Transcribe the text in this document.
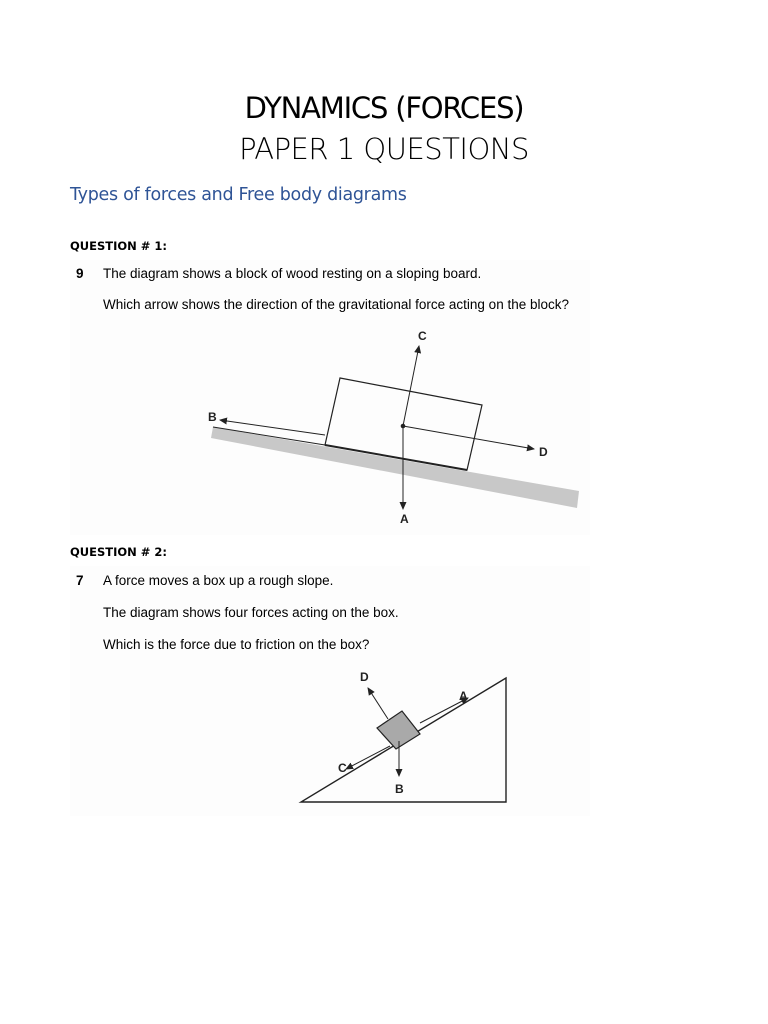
DYNAMICS (FORCES)
PAPER 1 QUESTIONS
Types of forces and Free body diagrams
QUESTION # 1:
9 The diagram shows a block of wood resting on a sloping board.
Which arrow shows the direction of the gravitational force acting on the block?
A
B
C
D
QUESTION # 2:
7 A force moves a box up a rough slope.
The diagram shows four forces acting on the box.
Which is the force due to friction on the box?
D
A
C
B
